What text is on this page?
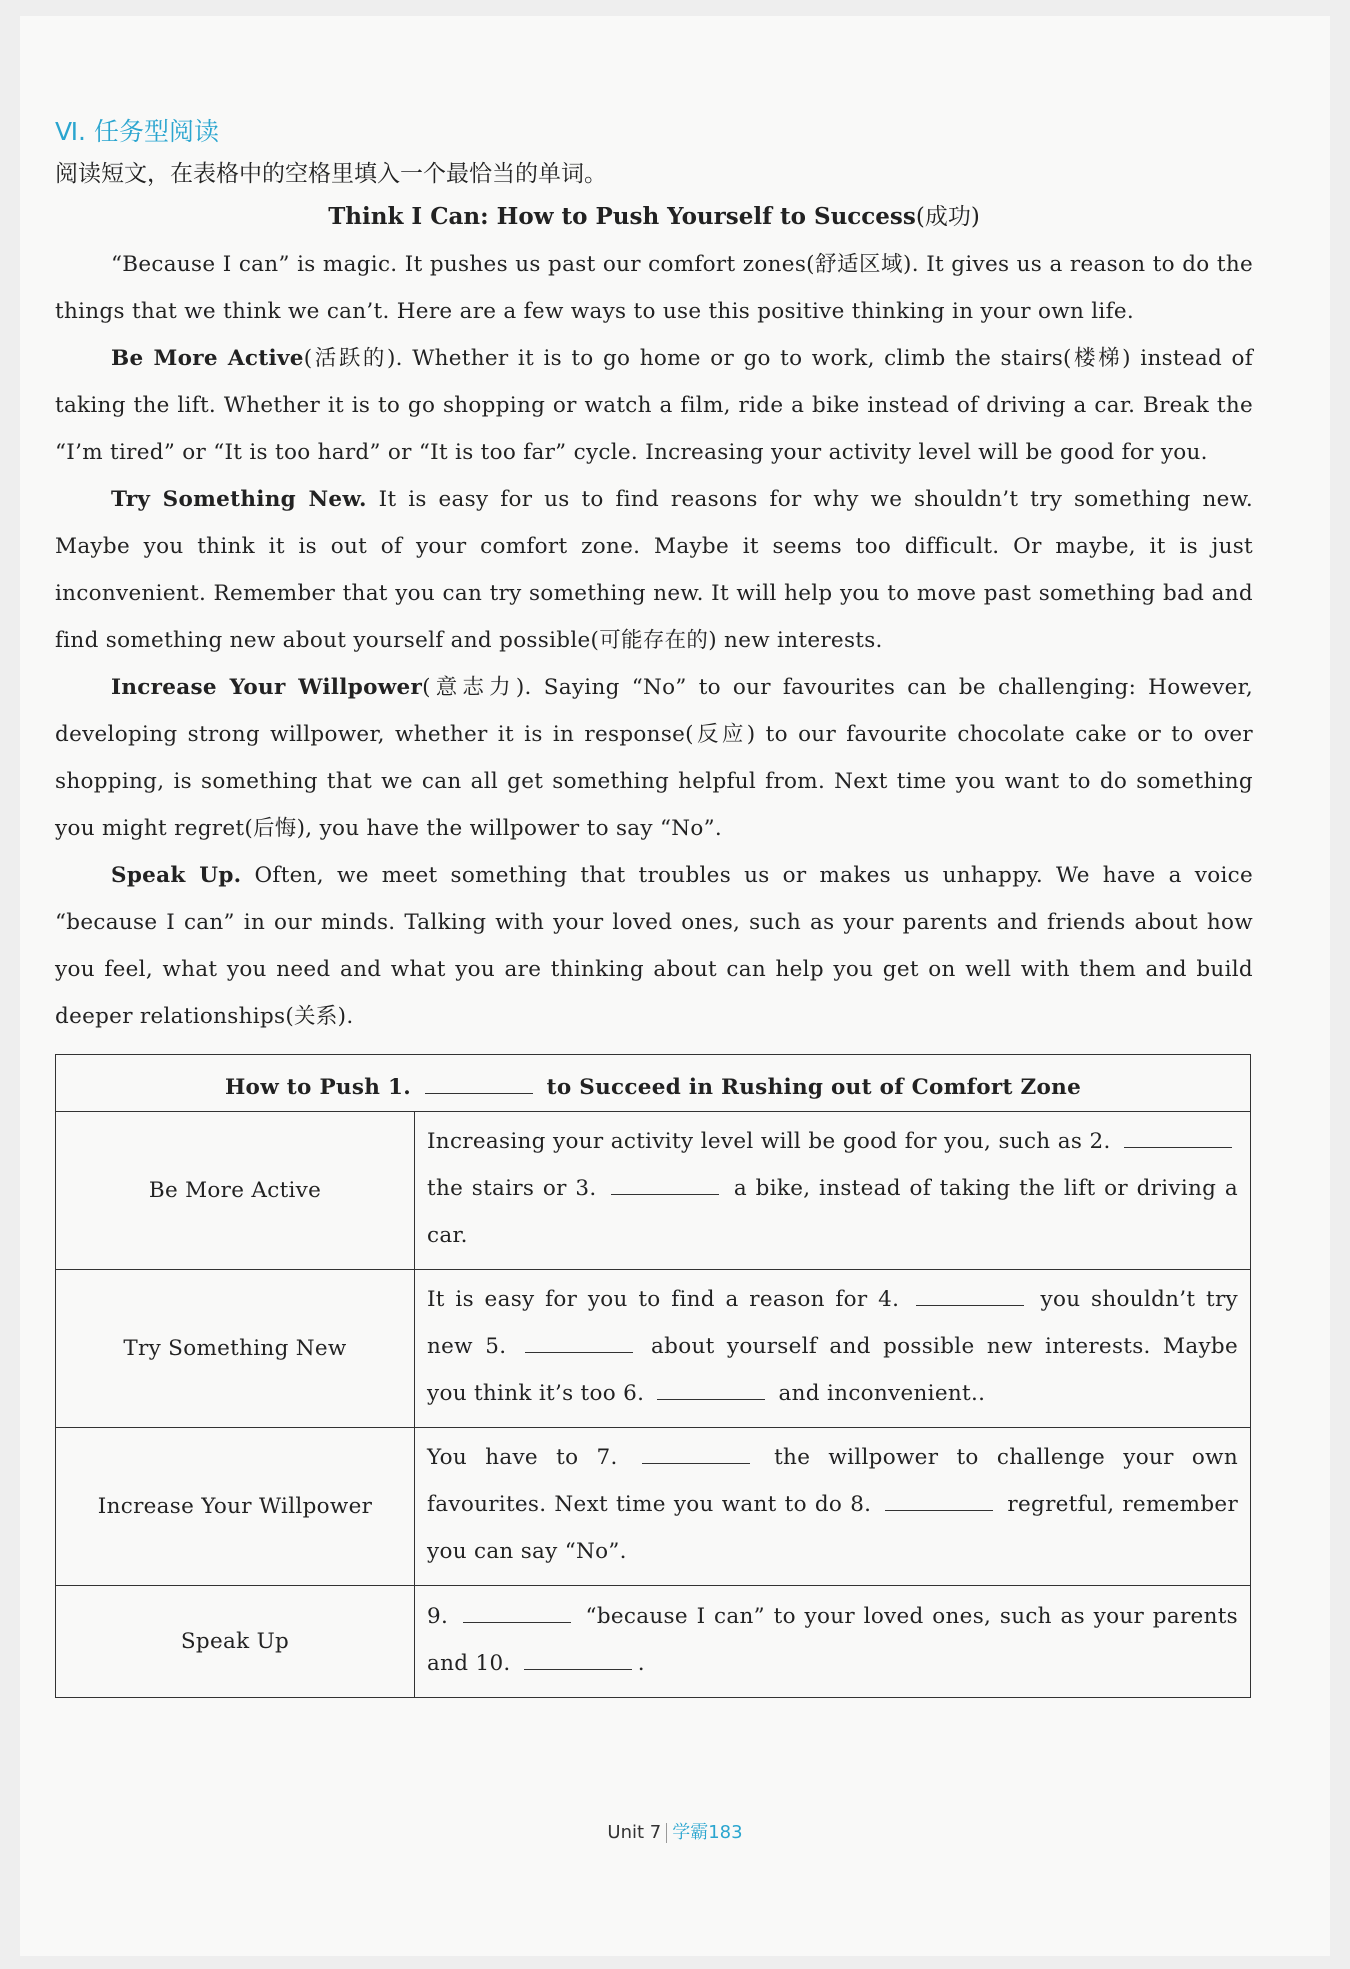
Ⅵ. 任务型阅读
阅读短文，在表格中的空格里填入一个最恰当的单词。
Think I Can: How to Push Yourself to Success(成功)

“Because I can” is magic. It pushes us past our comfort zones(舒适区域). It gives us a reason to do the things that we think we can’t. Here are a few ways to use this positive thinking in your own life.

Be More Active(活跃的). Whether it is to go home or go to work, climb the stairs(楼梯) instead of taking the lift. Whether it is to go shopping or watch a film, ride a bike instead of driving a car. Break the “I’m tired” or “It is too hard” or “It is too far” cycle. Increasing your activity level will be good for you.

Try Something New. It is easy for us to find reasons for why we shouldn’t try something new. Maybe you think it is out of your comfort zone. Maybe it seems too difficult. Or maybe, it is just inconvenient. Remember that you can try something new. It will help you to move past something bad and find something new about yourself and possible(可能存在的) new interests.

Increase Your Willpower(意志力). Saying “No” to our favourites can be challenging: However, developing strong willpower, whether it is in response(反应) to our favourite chocolate cake or to over shopping, is something that we can all get something helpful from. Next time you want to do something you might regret(后悔), you have the willpower to say “No”.

Speak Up. Often, we meet something that troubles us or makes us unhappy. We have a voice “because I can” in our minds. Talking with your loved ones, such as your parents and friends about how you feel, what you need and what you are thinking about can help you get on well with them and build deeper relationships(关系).

How to Push 1. to Succeed in Rushing out of Comfort Zone	
Be More Active	Increasing your activity level will be good for you, such as 2.  the stairs or 3. a bike, instead of taking the lift or driving a car.
Try Something New	It is easy for you to find a reason for 4. you shouldn’t try new 5. about yourself and possible new interests. Maybe you think it’s too 6. and inconvenient..
Increase Your Willpower	You have to 7. the willpower to challenge your own favourites. Next time you want to do 8. regretful, remember you can say “No”.
Speak Up	9. “because I can” to your loved ones, such as your parents and 10. .
Unit 7 学霸183
